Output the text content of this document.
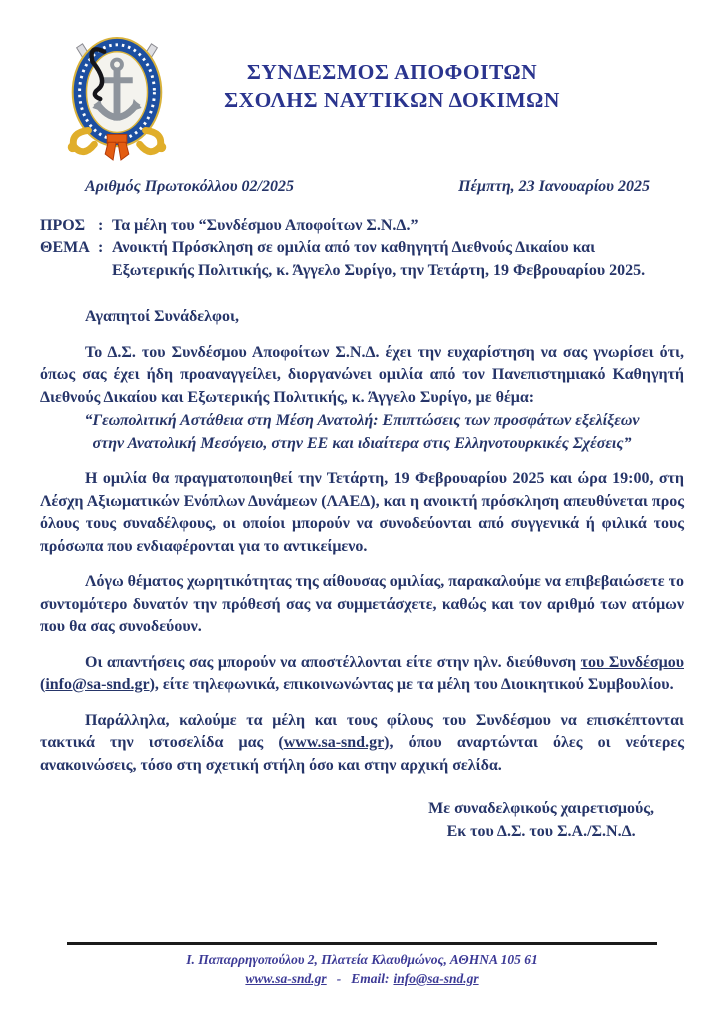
ΣΥΝΔΕΣΜΟΣ ΑΠΟΦΟΙΤΩΝ
ΣΧΟΛΗΣ ΝΑΥΤΙΚΩΝ ΔΟΚΙΜΩΝ
Αριθμός Πρωτοκόλλου 02/2025	Πέμπτη, 23 Ιανουαρίου 2025
ΠΡΟΣ : Τα μέλη του “Συνδέσμου Αποφοίτων Σ.Ν.Δ.”
ΘΕΜΑ : Ανοικτή Πρόσκληση σε ομιλία από τον καθηγητή Διεθνούς Δικαίου και
Εξωτερικής Πολιτικής, κ. Άγγελο Συρίγο, την Τετάρτη, 19 Φεβρουαρίου 2025.
Αγαπητοί Συνάδελφοι,

Το Δ.Σ. του Συνδέσμου Αποφοίτων Σ.Ν.Δ. έχει την ευχαρίστηση να σας γνωρίσει ότι, όπως σας έχει ήδη προαναγγείλει, διοργανώνει ομιλία από τον Πανεπιστημιακό Καθηγητή Διεθνούς Δικαίου και Εξωτερικής Πολιτικής, κ. Άγγελο Συρίγο, με θέμα:

“Γεωπολιτική Αστάθεια στη Μέση Ανατολή: Επιπτώσεις των προσφάτων εξελίξεων
στην Ανατολική Μεσόγειο, στην ΕΕ και ιδιαίτερα στις Ελληνοτουρκικές Σχέσεις”

Η ομιλία θα πραγματοποιηθεί την Τετάρτη, 19 Φεβρουαρίου 2025 και ώρα 19:00, στη Λέσχη Αξιωματικών Ενόπλων Δυνάμεων (ΛΑΕΔ), και η ανοικτή πρόσκληση απευθύνεται προς όλους τους συναδέλφους, οι οποίοι μπορούν να συνοδεύονται από συγγενικά ή φιλικά τους πρόσωπα που ενδιαφέρονται για το αντικείμενο.

Λόγω θέματος χωρητικότητας της αίθουσας ομιλίας, παρακαλούμε να επιβεβαιώσετε το συντομότερο δυνατόν την πρόθεσή σας να συμμετάσχετε, καθώς και τον αριθμό των ατόμων που θα σας συνοδεύουν.

Οι απαντήσεις σας μπορούν να αποστέλλονται είτε στην ηλν. διεύθυνση του Συνδέσμου (info@sa-snd.gr), είτε τηλεφωνικά, επικοινωνώντας με τα μέλη του Διοικητικού Συμβουλίου.

Παράλληλα, καλούμε τα μέλη και τους φίλους του Συνδέσμου να επισκέπτονται τακτικά την ιστοσελίδα μας (www.sa-snd.gr), όπου αναρτώνται όλες οι νεότερες ανακοινώσεις, τόσο στη σχετική στήλη όσο και στην αρχική σελίδα.

Με συναδελφικούς χαιρετισμούς,
Εκ του Δ.Σ. του Σ.Α./Σ.Ν.Δ.
Ι. Παπαρρηγοπούλου 2, Πλατεία Κλαυθμώνος, ΑΘΗΝΑ 105 61
www.sa-snd.gr - Email: info@sa-snd.gr
